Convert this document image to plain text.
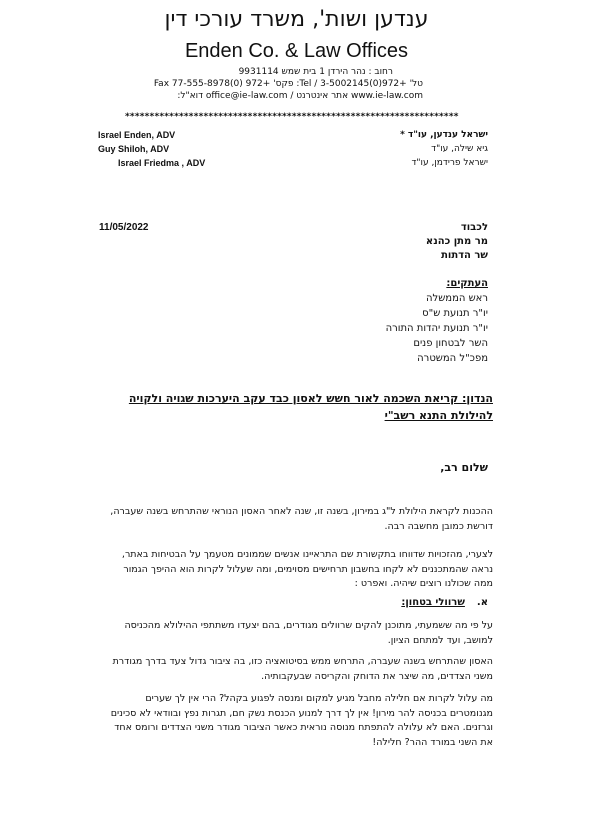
ענדען ושות', משרד עורכי דין
Enden Co. & Law Offices
רחוב : נהר הירדן 1 בית שמש 9931114
טל' +972(0)3-5002145 / Tel: פקס' +972 (0)77-555-8978 Fax
www.ie-law.com אתר אינטרנט / office@ie-law.com דוא"ל:
********************************************************************
Israel Enden, ADV
Guy Shiloh, ADV
Israel Friedma , ADV
ישראל ענדען, עו"ד *
גיא שילה, עו"ד
ישראל פרידמן, עו"ד
11/05/2022	לכבוד
מר מתן כהנא
שר הדתות
העתקים:
ראש הממשלה
יו"ר תנועת ש"ס
יו"ר תנועת יהדות התורה
השר לבטחון פנים
מפכ"ל המשטרה
הנדון: קריאת השכמה לאור חשש לאסון כבד עקב היערכות שגויה ולקויה להילולת התנא רשב"י
שלום רב,
ההכנות לקראת הילולת ל"ג במירון, בשנה זו, שנה לאחר האסון הנוראי שהתרחש בשנה שעברה, דורשת כמובן מחשבה רבה.
לצערי, מהזכויות שדווחו בתקשורת שם התראיינו אנשים שממונים מטעמך על הבטיחות באתר, נראה שהמתכננים לא לקחו בחשבון תרחישים מסוימים, ומה שעלול לקרות הוא ההיפך הגמור ממה שכולנו רוצים שיהיה. ואפרט :
א.שרוולי בטחון:
על פי מה ששמעתי, מתוכנן להקים שרוולים מגודרים, בהם יצעדו משתתפי ההילולא מהכניסה למושב, ועד למתחם הציון.
האסון שהתרחש בשנה שעברה, התרחש ממש בסיטואציה כזו, בה ציבור גדול צעד בדרך מגודרת משני הצדדים, מה שיצר את הדוחק והקריסה שבעקבותיה.
מה עלול לקרות אם חלילה מחבל מגיע למקום ומנסה לפגוע בקהל? הרי אין לך שערים מגנומטרים בכניסה להר מירון! אין לך דרך למנוע הכנסת נשק חם, תגרות נפץ ובוודאי לא סכינים וגרזנים. האם לא עלולה להתפתח מנוסה נוראית כאשר הציבור מגודר משני הצדדים ורומס אחד את השני במורד ההר? חלילה!
